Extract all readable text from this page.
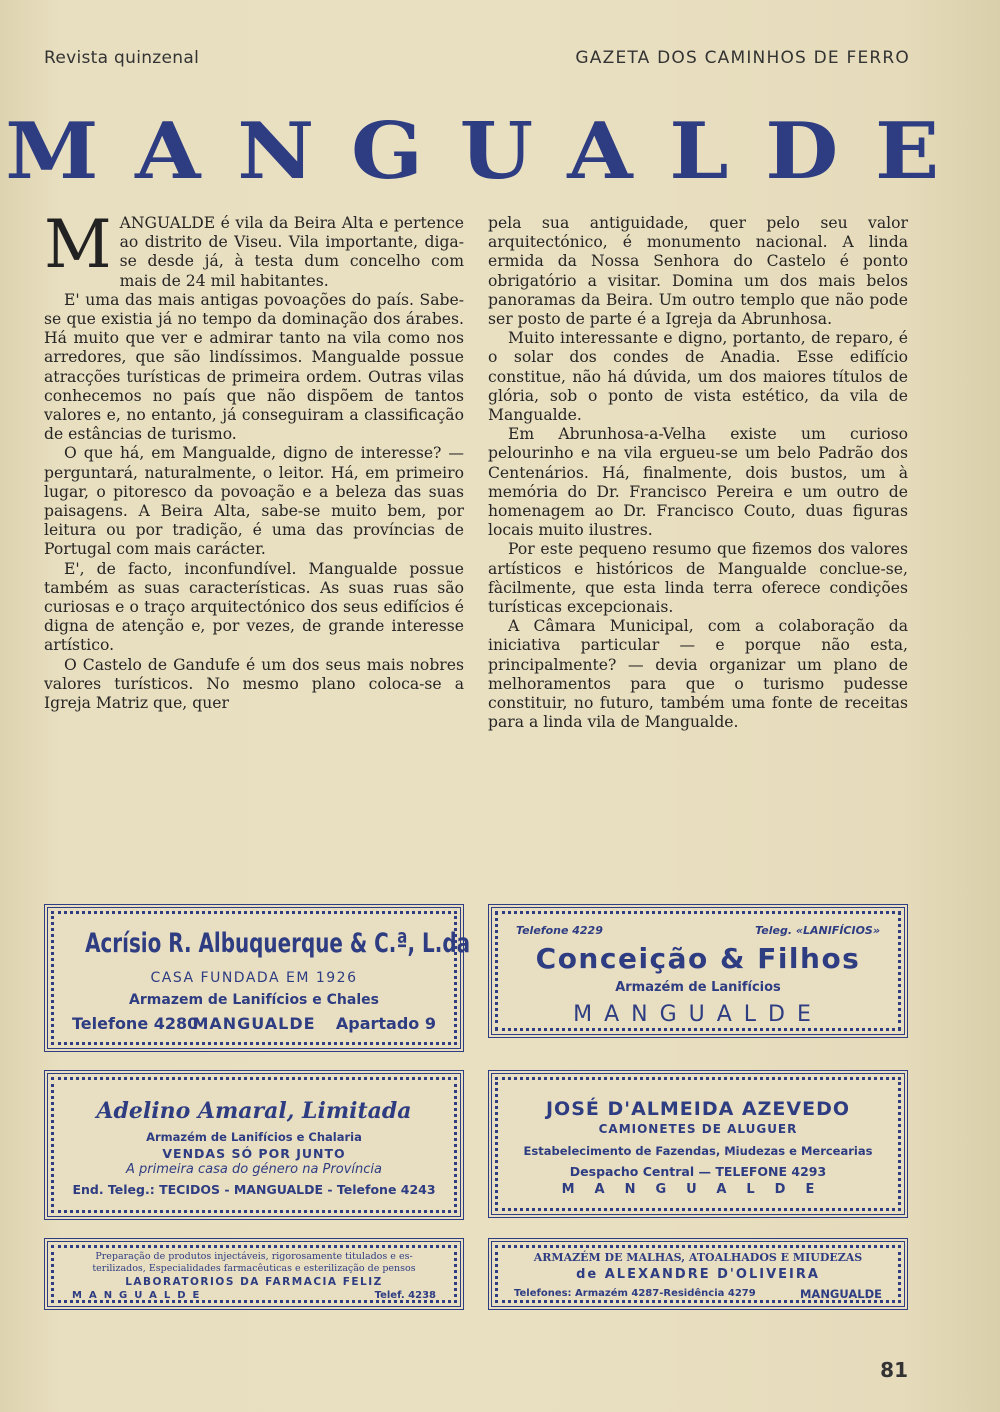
Revista quinzenal	GAZETA DOS CAMINHOS DE FERRO
MANGUALDE

MANGUALDE é vila da Beira Alta e pertence ao distrito de Viseu. Vila importante, diga-se desde já, à testa dum concelho com mais de 24 mil habitantes.

E' uma das mais antigas povoações do país. Sabe-se que existia já no tempo da dominação dos árabes. Há muito que ver e admirar tanto na vila como nos arredores, que são lindíssimos. Mangualde possue atracções turísticas de primeira ordem. Outras vilas conhecemos no país que não dispõem de tantos valores e, no entanto, já conseguiram a classificação de estâncias de turismo.

O que há, em Mangualde, digno de interesse? — perguntará, naturalmente, o leitor. Há, em primeiro lugar, o pitoresco da povoação e a beleza das suas paisagens. A Beira Alta, sabe-se muito bem, por leitura ou por tradição, é uma das províncias de Portugal com mais carácter.

E', de facto, inconfundível. Mangualde possue também as suas características. As suas ruas são curiosas e o traço arquitectónico dos seus edifícios é digna de atenção e, por vezes, de grande interesse artístico.

O Castelo de Gandufe é um dos seus mais nobres valores turísticos. No mesmo plano coloca-se a Igreja Matriz que, quer

pela sua antiguidade, quer pelo seu valor arquitectónico, é monumento nacional. A linda ermida da Nossa Senhora do Castelo é ponto obrigatório a visitar. Domina um dos mais belos panoramas da Beira. Um outro templo que não pode ser posto de parte é a Igreja da Abrunhosa.

Muito interessante e digno, portanto, de reparo, é o solar dos condes de Anadia. Esse edifício constitue, não há dúvida, um dos maiores títulos de glória, sob o ponto de vista estético, da vila de Mangualde.

Em Abrunhosa-a-Velha existe um curioso pelourinho e na vila ergueu-se um belo Padrão dos Centenários. Há, finalmente, dois bustos, um à memória do Dr. Francisco Pereira e um outro de homenagem ao Dr. Francisco Couto, duas figuras locais muito ilustres.

Por este pequeno resumo que fizemos dos valores artísticos e históricos de Mangualde conclue-se, fàcilmente, que esta linda terra oferece condições turísticas excepcionais.

A Câmara Municipal, com a colaboração da iniciativa particular — e porque não esta, principalmente? — devia organizar um plano de melhoramentos para que o turismo pudesse constituir, no futuro, também uma fonte de receitas para a linda vila de Mangualde.

Acrísio R. Albuquerque & C.ª, L.da
CASA FUNDADA EM 1926
Armazem de Lanifícios e Chales
Telefone 4280
MANGUALDE	Apartado 9
Telefone 4229	Teleg. «LANIFÍCIOS»
Conceição & Filhos
Armazém de Lanifícios
MANGUALDE
Adelino Amaral, Limitada
Armazém de Lanifícios e Chalaria
VENDAS SÓ POR JUNTO
A primeira casa do género na Província
End. Teleg.: TECIDOS - MANGUALDE - Telefone 4243
JOSÉ D'ALMEIDA AZEVEDO
CAMIONETES DE ALUGUER
Estabelecimento de Fazendas, Miudezas e Mercearias
Despacho Central — TELEFONE 4293
MANGUALDE
Preparação de produtos injectáveis, rigorosamente titulados e es-
terilizados, Especialidades farmacêuticas e esterilização de pensos
LABORATORIOS DA FARMACIA FELIZ
MANGUALDE	Telef. 4238
ARMAZÉM DE MALHAS, ATOALHADOS E MIUDEZAS
de ALEXANDRE D'OLIVEIRA
Telefones: Armazém 4287-Residência 4279	MANGUALDE
81
